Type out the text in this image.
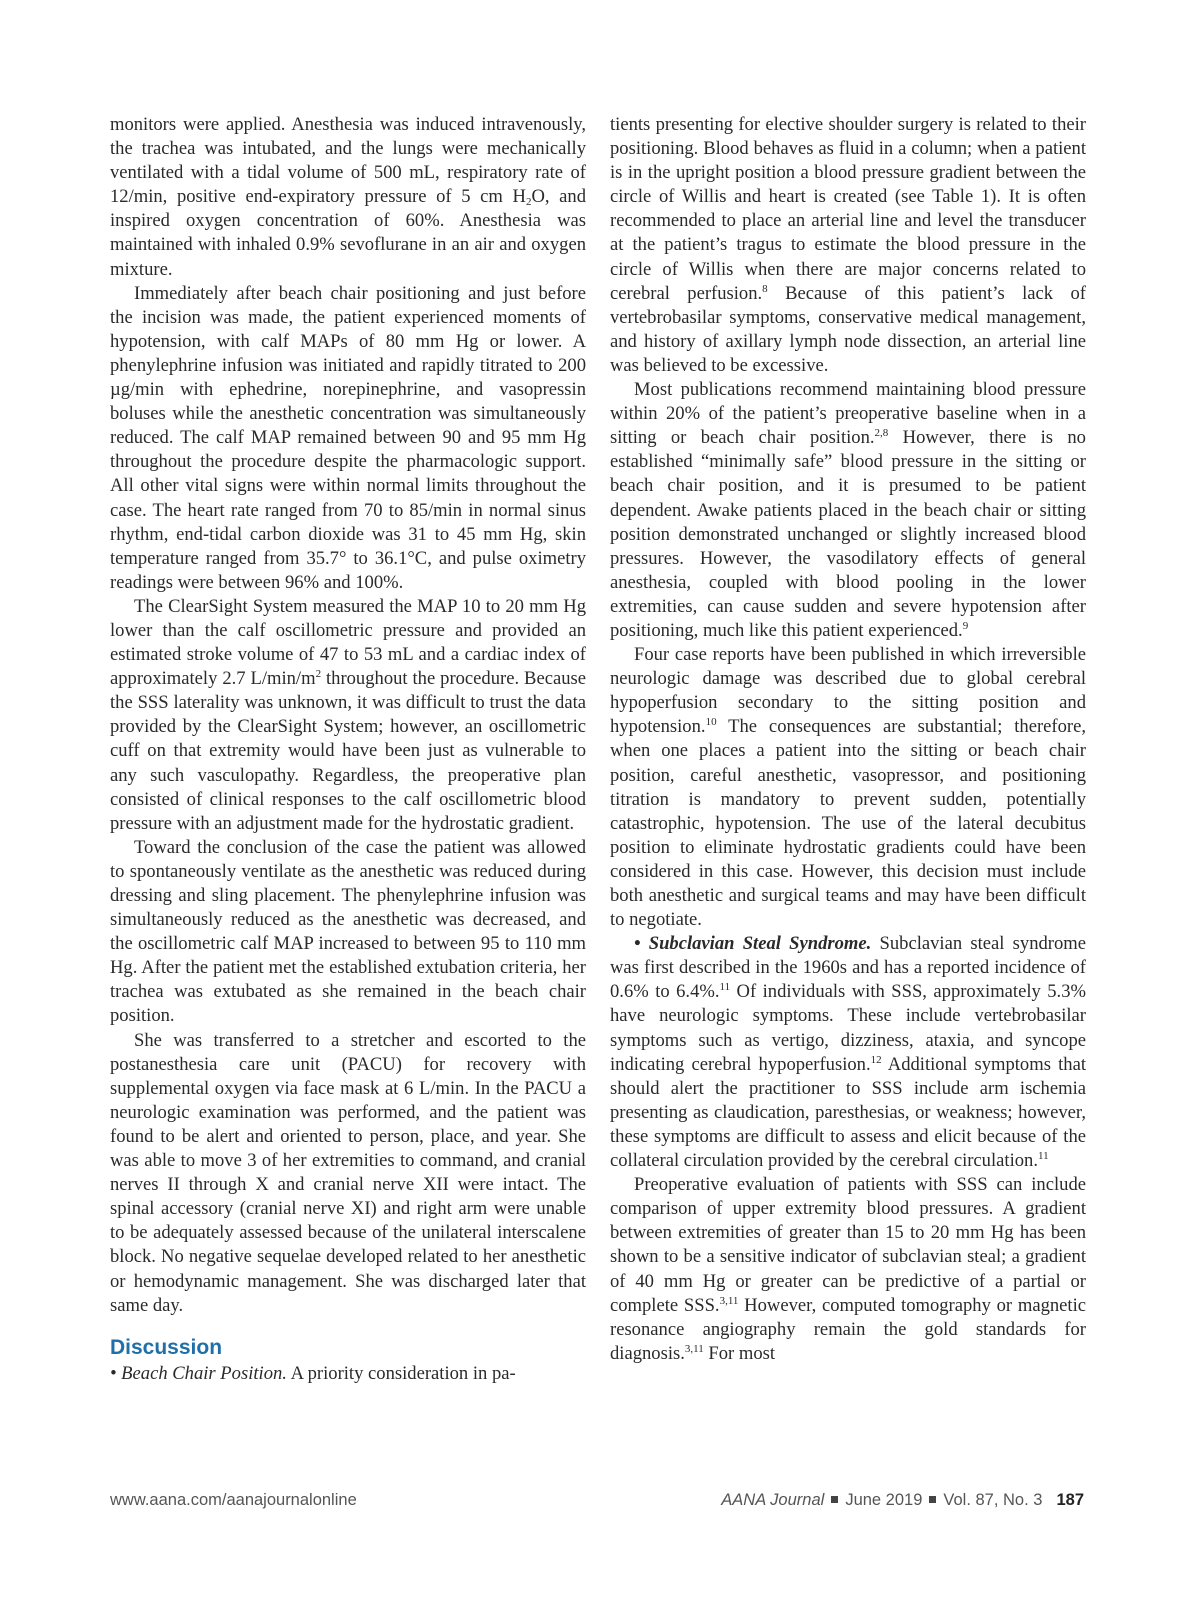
monitors were applied. Anesthesia was induced intravenously, the trachea was intubated, and the lungs were mechanically ventilated with a tidal volume of 500 mL, respiratory rate of 12/min, positive end-expiratory pressure of 5 cm $H_2O$, and inspired oxygen concentration of 60%. Anesthesia was maintained with inhaled 0.9% sevoflurane in an air and oxygen mixture.

Immediately after beach chair positioning and just before the incision was made, the patient experienced moments of hypotension, with calf MAPs of 80 mm Hg or lower. A phenylephrine infusion was initiated and rapidly titrated to 200 µg/min with ephedrine, norepinephrine, and vasopressin boluses while the anesthetic concentration was simultaneously reduced. The calf MAP remained between 90 and 95 mm Hg throughout the procedure despite the pharmacologic support. All other vital signs were within normal limits throughout the case. The heart rate ranged from 70 to 85/min in normal sinus rhythm, end-tidal carbon dioxide was 31 to 45 mm Hg, skin temperature ranged from 35.7° to 36.1°C, and pulse oximetry readings were between 96% and 100%.

The ClearSight System measured the MAP 10 to 20 mm Hg lower than the calf oscillometric pressure and provided an estimated stroke volume of 47 to 53 mL and a cardiac index of approximately 2.7 $L/\min/m^2$ throughout the procedure. Because the SSS laterality was unknown, it was difficult to trust the data provided by the ClearSight System; however, an oscillometric cuff on that extremity would have been just as vulnerable to any such vasculopathy. Regardless, the preoperative plan consisted of clinical responses to the calf oscillometric blood pressure with an adjustment made for the hydrostatic gradient.

Toward the conclusion of the case the patient was allowed to spontaneously ventilate as the anesthetic was reduced during dressing and sling placement. The phenylephrine infusion was simultaneously reduced as the anesthetic was decreased, and the oscillometric calf MAP increased to between 95 to 110 mm Hg. After the patient met the established extubation criteria, her trachea was extubated as she remained in the beach chair position.

She was transferred to a stretcher and escorted to the postanesthesia care unit (PACU) for recovery with supplemental oxygen via face mask at 6 L/min. In the PACU a neurologic examination was performed, and the patient was found to be alert and oriented to person, place, and year. She was able to move 3 of her extremities to command, and cranial nerves II through X and cranial nerve XII were intact. The spinal accessory (cranial nerve XI) and right arm were unable to be adequately assessed because of the unilateral interscalene block. No negative sequelae developed related to her anesthetic or hemodynamic management. She was discharged later that same day.

Discussion

• Beach Chair Position. A priority consideration in pa-

tients presenting for elective shoulder surgery is related to their positioning. Blood behaves as fluid in a column; when a patient is in the upright position a blood pressure gradient between the circle of Willis and heart is created (see Table 1). It is often recommended to place an arterial line and level the transducer at the patient’s tragus to estimate the blood pressure in the circle of Willis when there are major concerns related to cerebral perfusion.$^8$ Because of this patient’s lack of vertebrobasilar symptoms, conservative medical management, and history of axillary lymph node dissection, an arterial line was believed to be excessive.

Most publications recommend maintaining blood pressure within 20% of the patient’s preoperative baseline when in a sitting or beach chair position.$^{2,8}$ However, there is no established “minimally safe” blood pressure in the sitting or beach chair position, and it is presumed to be patient dependent. Awake patients placed in the beach chair or sitting position demonstrated unchanged or slightly increased blood pressures. However, the vasodilatory effects of general anesthesia, coupled with blood pooling in the lower extremities, can cause sudden and severe hypotension after positioning, much like this patient experienced.$^9$

Four case reports have been published in which irreversible neurologic damage was described due to global cerebral hypoperfusion secondary to the sitting position and hypotension.$^{10}$ The consequences are substantial; therefore, when one places a patient into the sitting or beach chair position, careful anesthetic, vasopressor, and positioning titration is mandatory to prevent sudden, potentially catastrophic, hypotension. The use of the lateral decubitus position to eliminate hydrostatic gradients could have been considered in this case. However, this decision must include both anesthetic and surgical teams and may have been difficult to negotiate.

• Subclavian Steal Syndrome. Subclavian steal syndrome was first described in the 1960s and has a reported incidence of 0.6% to 6.4%.$^{11}$ Of individuals with SSS, approximately 5.3% have neurologic symptoms. These include vertebrobasilar symptoms such as vertigo, dizziness, ataxia, and syncope indicating cerebral hypoperfusion.$^{12}$ Additional symptoms that should alert the practitioner to SSS include arm ischemia presenting as claudication, paresthesias, or weakness; however, these symptoms are difficult to assess and elicit because of the collateral circulation provided by the cerebral circulation.$^{11}$

Preoperative evaluation of patients with SSS can include comparison of upper extremity blood pressures. A gradient between extremities of greater than 15 to 20 mm Hg has been shown to be a sensitive indicator of subclavian steal; a gradient of 40 mm Hg or greater can be predictive of a partial or complete SSS.$^{3,11}$ However, computed tomography or magnetic resonance angiography remain the gold standards for diagnosis.$^{3,11}$ For most

www.aana.com/aanajournalonline	AANA Journal June 2019 Vol. 87, No. 3 187
